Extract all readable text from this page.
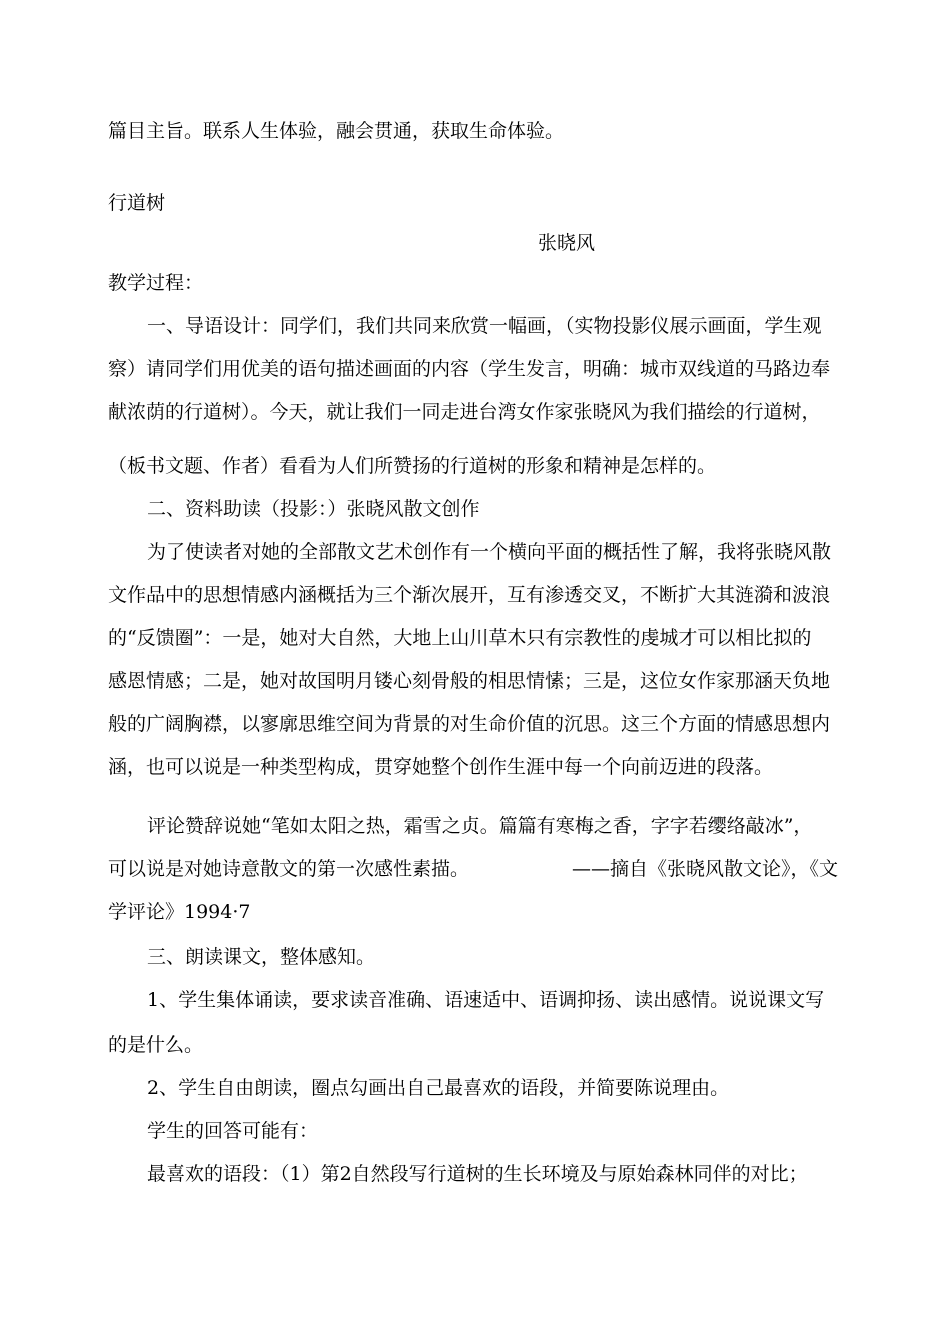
篇目主旨。联系人生体验，融会贯通，获取生命体验。
行道树
张晓风
教学过程：
一、导语设计：同学们，我们共同来欣赏一幅画，（实物投影仪展示画面，学生观
察）请同学们用优美的语句描述画面的内容（学生发言，明确：城市双线道的马路边奉
献浓荫的行道树）。今天，就让我们一同走进台湾女作家张晓风为我们描绘的行道树，
（板书文题、作者）看看为人们所赞扬的行道树的形象和精神是怎样的。
二、资料助读（投影：）张晓风散文创作
为了使读者对她的全部散文艺术创作有一个横向平面的概括性了解，我将张晓风散
文作品中的思想情感内涵概括为三个渐次展开，互有渗透交叉，不断扩大其涟漪和波浪
的“反馈圈”：一是，她对大自然，大地上山川草木只有宗教性的虔城才可以相比拟的
感恩情感；二是，她对故国明月镂心刻骨般的相思情愫；三是，这位女作家那涵天负地
般的广阔胸襟，以寥廓思维空间为背景的对生命价值的沉思。这三个方面的情感思想内
涵，也可以说是一种类型构成，贯穿她整个创作生涯中每一个向前迈进的段落。
评论赞辞说她“笔如太阳之热，霜雪之贞。篇篇有寒梅之香，字字若缨络敲冰”，
可以说是对她诗意散文的第一次感性素描。	——摘自《张晓风散文论》，《文
学评论》1994·7
三、朗读课文，整体感知。
1、学生集体诵读，要求读音准确、语速适中、语调抑扬、读出感情。说说课文写
的是什么。
2、学生自由朗读，圈点勾画出自己最喜欢的语段，并简要陈说理由。
学生的回答可能有：
最喜欢的语段：（1）第2自然段写行道树的生长环境及与原始森林同伴的对比；
